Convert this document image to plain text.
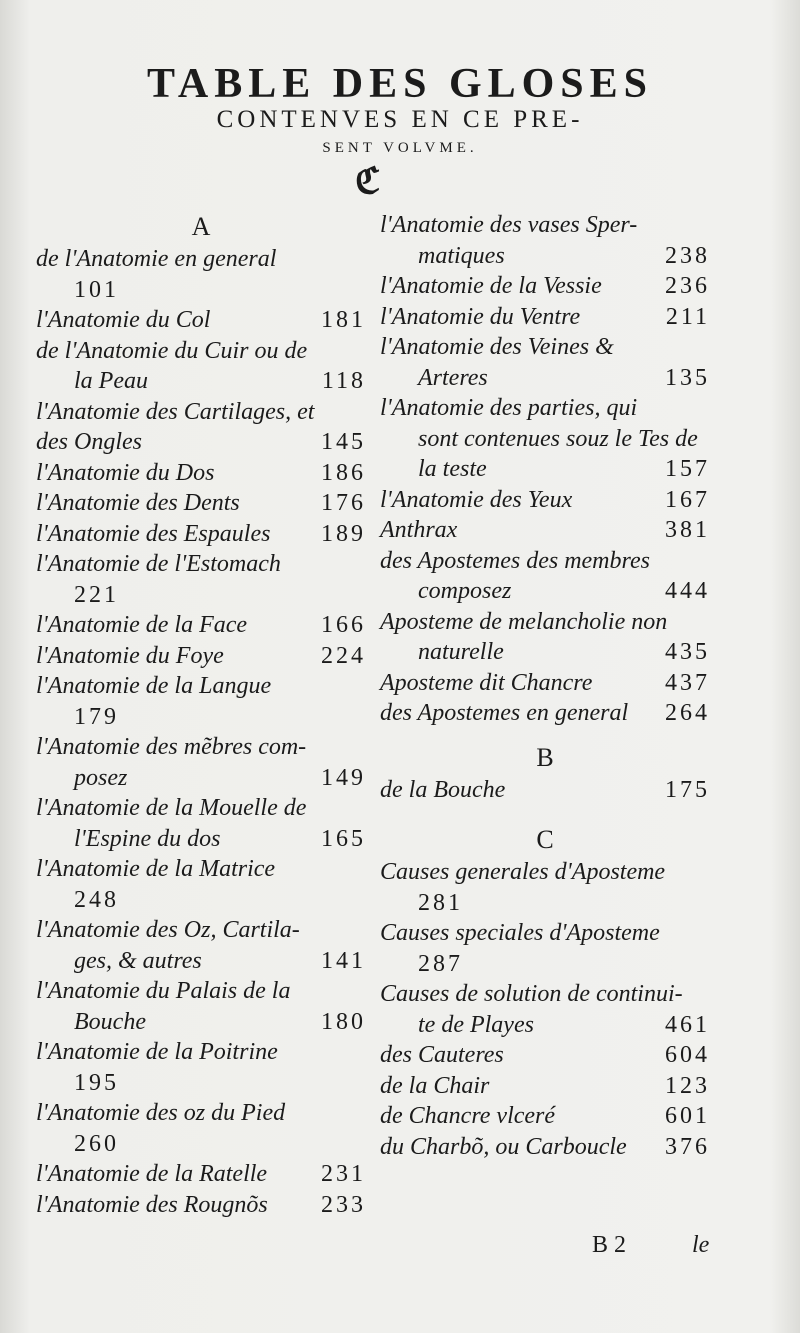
TABLE DES GLOSES
CONTENVES EN CE PRE-
SENT VOLVME.
ℭ
A
de l'Anatomie en general
101
l'Anatomie du Col	181
de l'Anatomie du Cuir ou de
la Peau	118
l'Anatomie des Cartilages, et
des Ongles	145
l'Anatomie du Dos	186
l'Anatomie des Dents	176
l'Anatomie des Espaules 189
l'Anatomie de l'Estomach
221
l'Anatomie de la Face	166
l'Anatomie du Foye	224
l'Anatomie de la Langue
179
l'Anatomie des mẽbres com-
posez	149
l'Anatomie de la Mouelle de
l'Espine du dos	165
l'Anatomie de la Matrice
248
l'Anatomie des Oz, Cartila-
ges, & autres	141
l'Anatomie du Palais de la
Bouche	180
l'Anatomie de la Poitrine
195
l'Anatomie des oz du Pied
260
l'Anatomie de la Ratelle 231
l'Anatomie des Rougnõs 233
l'Anatomie des vases Sper-
matiques	238
l'Anatomie de la Vessie	236
l'Anatomie du Ventre	211
l'Anatomie des Veines &
Arteres	135
l'Anatomie des parties, qui
sont contenues souz le Tes de
la teste	157
l'Anatomie des Yeux	167
Anthrax	381
des Apostemes des membres
composez	444
Aposteme de melancholie non
naturelle	435
Aposteme dit Chancre	437
des Apostemes en general 264
B
de la Bouche	175
C
Causes generales d'Aposteme
281
Causes speciales d'Aposteme
287
Causes de solution de continui-
te de Playes	461
des Cauteres	604
de la Chair	123
de Chancre vlceré	601
du Charbõ, ou Carboucle 376
B 2	le
